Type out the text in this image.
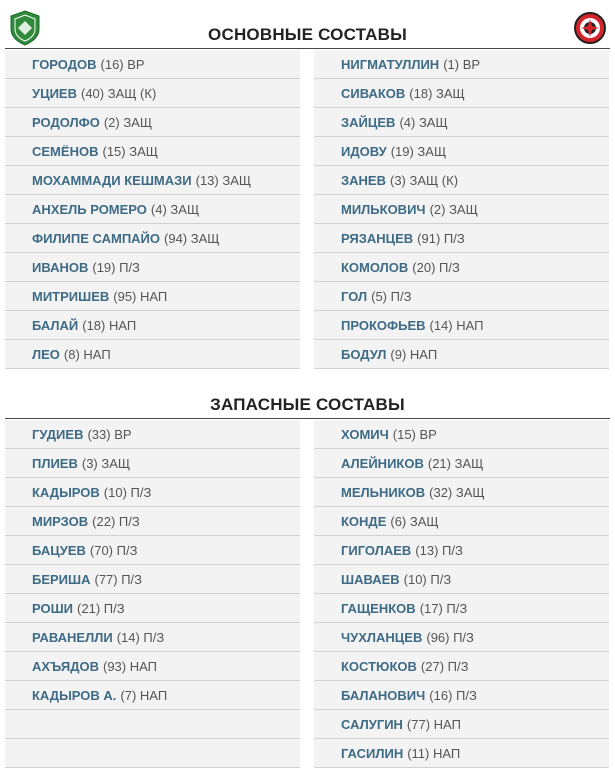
ОСНОВНЫЕ СОСТАВЫ
ГОРОДОВ (16) ВР
УЦИЕВ (40) ЗАЩ (К)
РОДОЛФО (2) ЗАЩ
СЕМЁНОВ (15) ЗАЩ
МОХАММАДИ КЕШМАЗИ (13) ЗАЩ
АНХЕЛЬ РОМЕРО (4) ЗАЩ
ФИЛИПЕ САМПАЙО (94) ЗАЩ
ИВАНОВ (19) П/З
МИТРИШЕВ (95) НАП
БАЛАЙ (18) НАП
ЛЕО (8) НАП
НИГМАТУЛЛИН (1) ВР
СИВАКОВ (18) ЗАЩ
ЗАЙЦЕВ (4) ЗАЩ
ИДОВУ (19) ЗАЩ
ЗАНЕВ (3) ЗАЩ (К)
МИЛЬКОВИЧ (2) ЗАЩ
РЯЗАНЦЕВ (91) П/З
КОМОЛОВ (20) П/З
ГОЛ (5) П/З
ПРОКОФЬЕВ (14) НАП
БОДУЛ (9) НАП
ЗАПАСНЫЕ СОСТАВЫ
ГУДИЕВ (33) ВР
ПЛИЕВ (3) ЗАЩ
КАДЫРОВ (10) П/З
МИРЗОВ (22) П/З
БАЦУЕВ (70) П/З
БЕРИША (77) П/З
РОШИ (21) П/З
РАВАНЕЛЛИ (14) П/З
АХЪЯДОВ (93) НАП
КАДЫРОВ А. (7) НАП
ХОМИЧ (15) ВР
АЛЕЙНИКОВ (21) ЗАЩ
МЕЛЬНИКОВ (32) ЗАЩ
КОНДЕ (6) ЗАЩ
ГИГОЛАЕВ (13) П/З
ШАВАЕВ (10) П/З
ГАЩЕНКОВ (17) П/З
ЧУХЛАНЦЕВ (96) П/З
КОСТЮКОВ (27) П/З
БАЛАНОВИЧ (16) П/З
САЛУГИН (77) НАП
ГАСИЛИН (11) НАП
